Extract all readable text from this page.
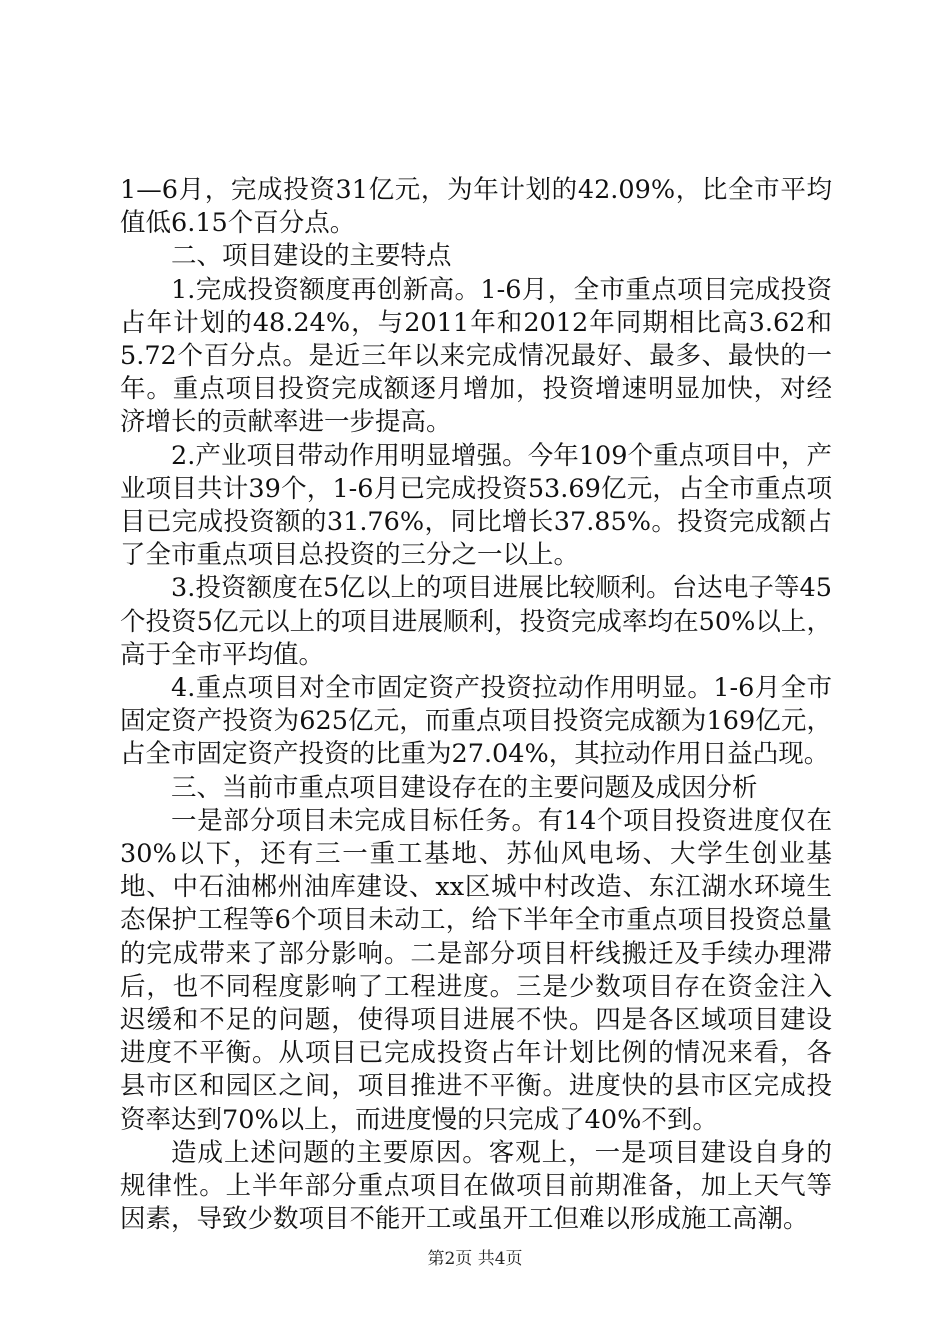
1—6月，完成投资31亿元，为年计划的42.09%，比全市平均值低6.15个百分点。

二、项目建设的主要特点

1.完成投资额度再创新高。1-6月，全市重点项目完成投资占年计划的48.24%，与2011年和2012年同期相比高3.62和5.72个百分点。是近三年以来完成情况最好、最多、最快的一年。重点项目投资完成额逐月增加，投资增速明显加快，对经济增长的贡献率进一步提高。

2.产业项目带动作用明显增强。今年109个重点项目中，产业项目共计39个，1-6月已完成投资53.69亿元，占全市重点项目已完成投资额的31.76%，同比增长37.85%。投资完成额占了全市重点项目总投资的三分之一以上。

3.投资额度在5亿以上的项目进展比较顺利。台达电子等45个投资5亿元以上的项目进展顺利，投资完成率均在50%以上，高于全市平均值。

4.重点项目对全市固定资产投资拉动作用明显。1-6月全市固定资产投资为625亿元，而重点项目投资完成额为169亿元，占全市固定资产投资的比重为27.04%，其拉动作用日益凸现。

三、当前市重点项目建设存在的主要问题及成因分析

一是部分项目未完成目标任务。有14个项目投资进度仅在30%以下，还有三一重工基地、苏仙风电场、大学生创业基地、中石油郴州油库建设、xx区城中村改造、东江湖水环境生态保护工程等6个项目未动工，给下半年全市重点项目投资总量的完成带来了部分影响。二是部分项目杆线搬迁及手续办理滞后，也不同程度影响了工程进度。三是少数项目存在资金注入迟缓和不足的问题，使得项目进展不快。四是各区域项目建设进度不平衡。从项目已完成投资占年计划比例的情况来看，各县市区和园区之间，项目推进不平衡。进度快的县市区完成投资率达到70%以上，而进度慢的只完成了40%不到。

造成上述问题的主要原因。客观上，一是项目建设自身的规律性。上半年部分重点项目在做项目前期准备，加上天气等因素，导致少数项目不能开工或虽开工但难以形成施工高潮。

第2页 共4页
